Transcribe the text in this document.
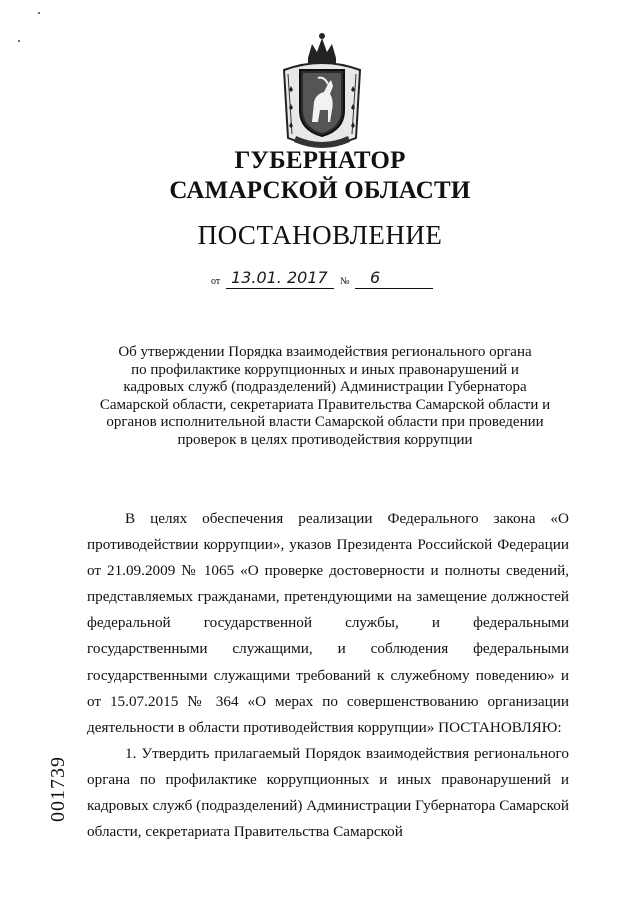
ГУБЕРНАТОР
САМАРСКОЙ ОБЛАСТИ
ПОСТАНОВЛЕНИЕ
от 13.01. 2017 № 6
Об утверждении Порядка взаимодействия регионального органа
по профилактике коррупционных и иных правонарушений и
кадровых служб (подразделений) Администрации Губернатора
Самарской области, секретариата Правительства Самарской области и
органов исполнительной власти Самарской области при проведении
проверок в целях противодействия коррупции

В целях обеспечения реализации Федерального закона «О противодействии коррупции», указов Президента Российской Федерации от 21.09.2009 № 1065 «О проверке достоверности и полноты сведений, представляемых гражданами, претендующими на замещение должностей федеральной государственной службы, и федеральными государственными служащими, и соблюдения федеральными государственными служащими требований к служебному поведению» и от 15.07.2015 № 364 «О мерах по совершенствованию организации деятельности в области противодействия коррупции» ПОСТАНОВЛЯЮ:

1. Утвердить прилагаемый Порядок взаимодействия регионального органа по профилактике коррупционных и иных правонарушений и кадровых служб (подразделений) Администрации Губернатора Самарской области, секретариата Правительства Самарской

001739
